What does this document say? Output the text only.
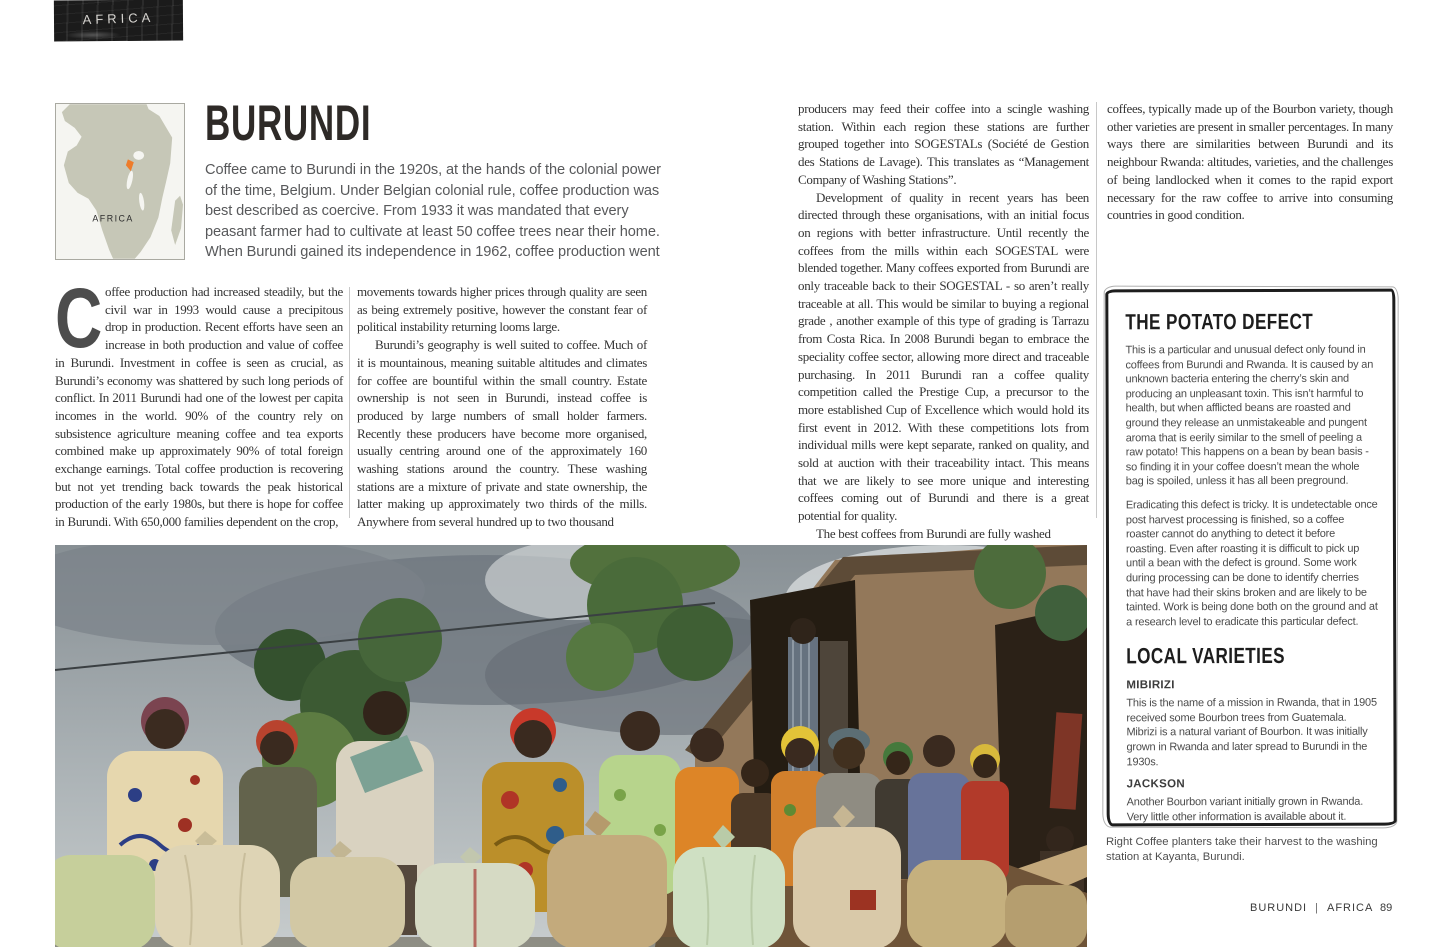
AFRICA
AFRICA
BURUNDI

Coffee came to Burundi in the 1920s, at the hands of the colonial power of the time, Belgium. Under Belgian colonial rule, coffee production was best described as coercive. From 1933 it was mandated that every peasant farmer had to cultivate at least 50 coffee trees near their home. When Burundi gained its independence in 1962, coffee production went

Coffee production had increased steadily, but the civil war in 1993 would cause a precipitous drop in production. Recent efforts have seen an increase in both production and value of coffee in Burundi. Investment in coffee is seen as crucial, as Burundi’s economy was shattered by such long periods of conflict. In 2011 Burundi had one of the lowest per capita incomes in the world. 90% of the country rely on subsistence agriculture meaning coffee and tea exports combined make up approximately 90% of total foreign exchange earnings. Total coffee production is recovering but not yet trending back towards the peak historical production of the early 1980s, but there is hope for coffee in Burundi. With 650,000 families dependent on the crop,

movements towards higher prices through quality are seen as being extremely positive, however the constant fear of political instability returning looms large.

Burundi’s geography is well suited to coffee. Much of it is mountainous, meaning suitable altitudes and climates for coffee are bountiful within the small country. Estate ownership is not seen in Burundi, instead coffee is produced by large numbers of small holder farmers. Recently these producers have become more organised, usually centring around one of the approximately 160 washing stations around the country. These washing stations are a mixture of private and state ownership, the latter making up approximately two thirds of the mills. Anywhere from several hundred up to two thousand

producers may feed their coffee into a scingle washing station. Within each region these stations are further grouped together into SOGESTALs (Société de Gestion des Stations de Lavage). This translates as “Management Company of Washing Stations”.

Development of quality in recent years has been directed through these organisations, with an initial focus on regions with better infrastructure. Until recently the coffees from the mills within each SOGESTAL were blended together. Many coffees exported from Burundi are only traceable back to their SOGESTAL - so aren’t really traceable at all. This would be similar to buying a regional grade , another example of this type of grading is Tarrazu from Costa Rica. In 2008 Burundi began to embrace the speciality coffee sector, allowing more direct and traceable purchasing. In 2011 Burundi ran a coffee quality competition called the Prestige Cup, a precursor to the more established Cup of Excellence which would hold its first event in 2012. With these competitions lots from individual mills were kept separate, ranked on quality, and sold at auction with their traceability intact. This means that we are likely to see more unique and interesting coffees coming out of Burundi and there is a great potential for quality.

The best coffees from Burundi are fully washed

coffees, typically made up of the Bourbon variety, though other varieties are present in smaller percentages. In many ways there are similarities between Burundi and its neighbour Rwanda: altitudes, varieties, and the challenges of being landlocked when it comes to the rapid export necessary for the raw coffee to arrive into consuming countries in good condition.

THE POTATO DEFECT

This is a particular and unusual defect only found in coffees from Burundi and Rwanda. It is caused by an unknown bacteria entering the cherry’s skin and producing an unpleasant toxin. This isn’t harmful to health, but when afflicted beans are roasted and ground they release an unmistakeable and pungent aroma that is eerily similar to the smell of peeling a raw potato! This happens on a bean by bean basis - so finding it in your coffee doesn’t mean the whole bag is spoiled, unless it has all been preground.

Eradicating this defect is tricky. It is undetectable once post harvest processing is finished, so a coffee roaster cannot do anything to detect it before roasting. Even after roasting it is difficult to pick up until a bean with the defect is ground. Some work during processing can be done to identify cherries that have had their skins broken and are likely to be tainted. Work is being done both on the ground and at a research level to eradicate this particular defect.

LOCAL VARIETIES
MIBIRIZI

This is the name of a mission in Rwanda, that in 1905 received some Bourbon trees from Guatemala. Mibrizi is a natural variant of Bourbon. It was initially grown in Rwanda and later spread to Burundi in the 1930s.

JACKSON

Another Bourbon variant initially grown in Rwanda. Very little other information is available about it.

Right Coffee planters take their harvest to the washing station at Kayanta, Burundi.

BURUNDI | AFRICA 89
